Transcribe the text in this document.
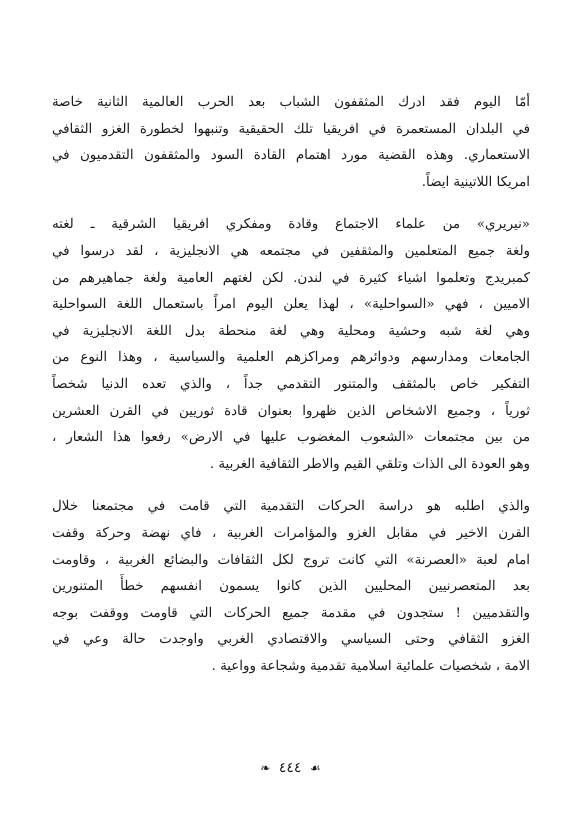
أمّا اليوم فقد ادرك المثقفون الشباب بعد الحرب العالمية الثانية خاصة
في البلدان المستعمرة في افريقيا تلك الحقيقية وتنبهوا لخطورة الغزو الثقافي
الاستعماري. وهذه القضية مورد اهتمام القادة السود والمثقفون التقدميون في
امريكا اللاتينية ايضاً.

«نيريري» من علماء الاجتماع وقادة ومفكري افريقيا الشرقية ـ لغته
ولغة جميع المتعلمين والمثقفين في مجتمعه هي الانجليزية ، لقد درسوا في
كمبريدج وتعلموا اشياء كثيرة في لندن. لكن لغتهم العامية ولغة جماهيرهم من
الاميين ، فهي «السواحلية» ، لهذا يعلن اليوم امراً باستعمال اللغة السواحلية
وهي لغة شبه وحشية ومحلية وهي لغة منحطة بدل اللغة الانجليزية في
الجامعات ومدارسهم ودوائرهم ومراكزهم العلمية والسياسية ، وهذا النوع من
التفكير خاص بالمثقف والمتنور التقدمي جداً ، والذي تعده الدنيا شخصاً
ثورياً ، وجميع الاشخاص الذين ظهروا بعنوان قادة ثوريين في القرن العشرين
من بين مجتمعات «الشعوب المغضوب عليها في الارض» رفعوا هذا الشعار ،
وهو العودة الى الذات وتلقي القيم والاطر الثقافية الغربية .

والذي اطلبه هو دراسة الحركات التقدمية التي قامت في مجتمعنا خلال
القرن الاخير في مقابل الغزو والمؤامرات الغربية ، فاي نهضة وحركة وقفت
امام لعبة «العصرنة» التي كانت تروج لكل الثقافات والبضائع الغربية ، وقاومت
بعد المتعصرنيين المحليين الذين كانوا يسمون انفسهم خطأً المتنورين
والتقدميين ! ستجدون في مقدمة جميع الحركات التي قاومت ووقفت بوجه
الغزو الثقافي وحتى السياسي والاقتصادي الغربي واوجدت حالة وعي في
الامة ، شخصيات علمائية اسلامية تقدمية وشجاعة وواعية .

☙ ٤٤٤ ❧
